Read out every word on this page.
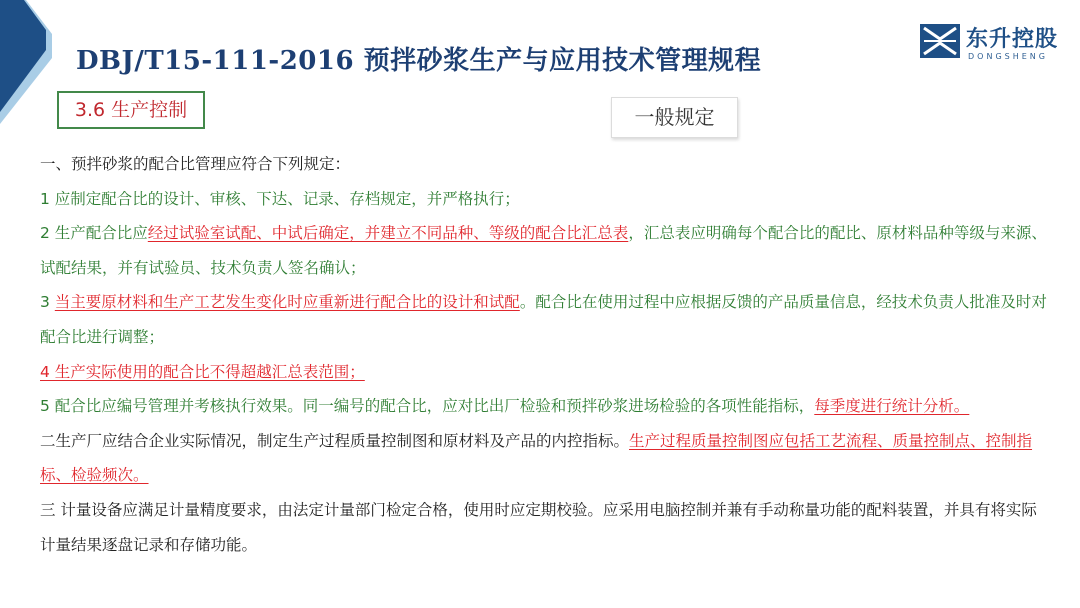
DBJ/T15-111-2016 预拌砂浆生产与应用技术管理规程
东升控股
DONGSHENG
3.6 生产控制	一般规定

一、预拌砂浆的配合比管理应符合下列规定：

1 应制定配合比的设计、审核、下达、记录、存档规定，并严格执行；

2 生产配合比应经过试验室试配、中试后确定，并建立不同品种、等级的配合比汇总表，汇总表应明确每个配合比的配比、原材料品种等级与来源、试配结果，并有试验员、技术负责人签名确认；

3 当主要原材料和生产工艺发生变化时应重新进行配合比的设计和试配。配合比在使用过程中应根据反馈的产品质量信息，经技术负责人批准及时对配合比进行调整；

4 生产实际使用的配合比不得超越汇总表范围；

5 配合比应编号管理并考核执行效果。同一编号的配合比，应对比出厂检验和预拌砂浆进场检验的各项性能指标，每季度进行统计分析。

二生产厂应结合企业实际情况，制定生产过程质量控制图和原材料及产品的内控指标。生产过程质量控制图应包括工艺流程、质量控制点、控制指标、检验频次。

三 计量设备应满足计量精度要求，由法定计量部门检定合格，使用时应定期校验。应采用电脑控制并兼有手动称量功能的配料装置，并具有将实际计量结果逐盘记录和存储功能。
